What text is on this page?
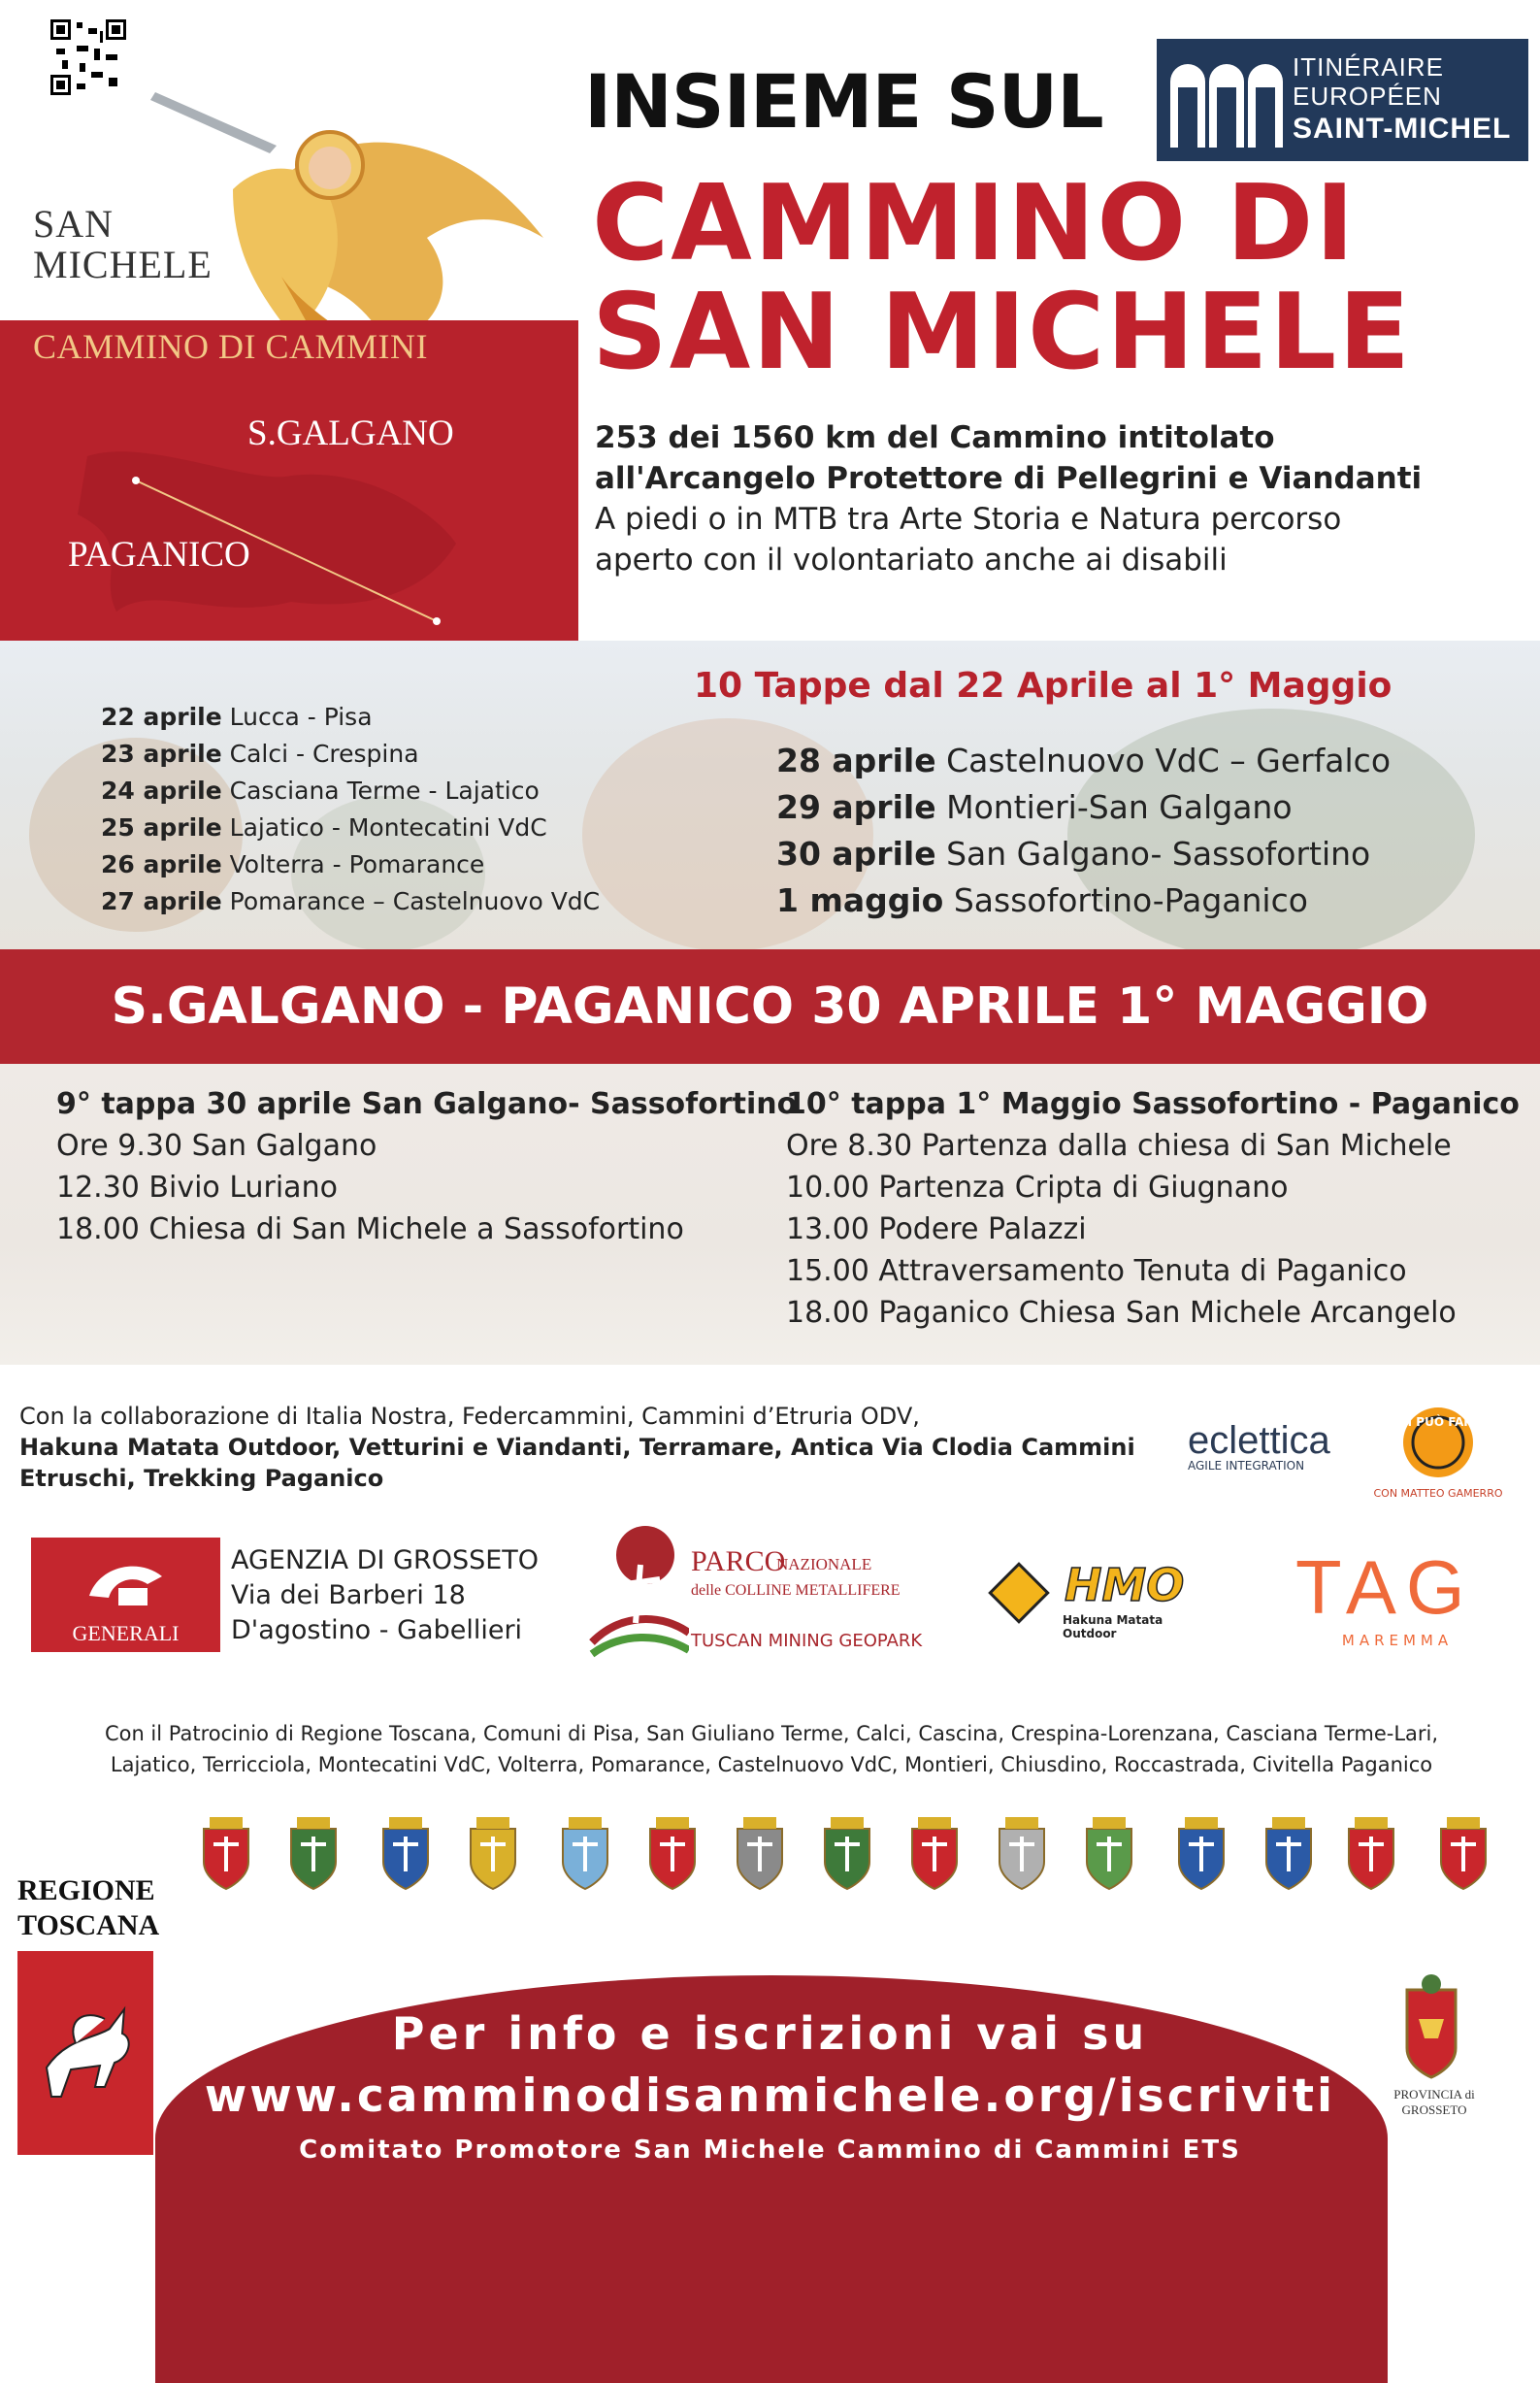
SAN
MICHELE
CAMMINO DI CAMMINI
S.GALGANO
PAGANICO
INSIEME SUL	ITINÉRAIRE
EUROPÉEN
SAINT-MICHEL
CAMMINO DI
SAN MICHELE
253 dei 1560 km del Cammino intitolato
all'Arcangelo Protettore di Pellegrini e Viandanti
A piedi o in MTB tra Arte Storia e Natura percorso
aperto con il volontariato anche ai disabili
10 Tappe dal 22 Aprile al 1° Maggio
22 aprile Lucca - Pisa
23 aprile Calci - Crespina
24 aprile Casciana Terme - Lajatico
25 aprile Lajatico - Montecatini VdC
26 aprile Volterra - Pomarance
27 aprile Pomarance – Castelnuovo VdC
28 aprile Castelnuovo VdC – Gerfalco
29 aprile Montieri-San Galgano
30 aprile San Galgano- Sassofortino
1 maggio Sassofortino-Paganico
S.GALGANO - PAGANICO 30 APRILE 1° MAGGIO
9° tappa 30 aprile San Galgano- Sassofortino
Ore 9.30 San Galgano
12.30 Bivio Luriano
18.00 Chiesa di San Michele a Sassofortino
10° tappa 1° Maggio Sassofortino - Paganico
Ore 8.30 Partenza dalla chiesa di San Michele
10.00 Partenza Cripta di Giugnano
13.00 Podere Palazzi
15.00 Attraversamento Tenuta di Paganico
18.00 Paganico Chiesa San Michele Arcangelo
Con la collaborazione di Italia Nostra, Federcammini, Cammini d’Etruria ODV,
Hakuna Matata Outdoor, Vetturini e Viandanti, Terramare, Antica Via Clodia Cammini
Etruschi, Trekking Paganico
eclettica
AGILE INTEGRATION
SI PUÒ FARE
CON MATTEO GAMERRO
GENERALI
AGENZIA DI GROSSETO
Via dei Barberi 18
D'agostino - Gabellieri
PARCO
NAZIONALE
delle COLLINE METALLIFERE
TUSCAN MINING GEOPARK
HMO
Hakuna Matata Outdoor
TAG
MAREMMA
Con il Patrocinio di Regione Toscana, Comuni di Pisa, San Giuliano Terme, Calci, Cascina, Crespina-Lorenzana, Casciana Terme-Lari,
Lajatico, Terricciola, Montecatini VdC, Volterra, Pomarance, Castelnuovo VdC, Montieri, Chiusdino, Roccastrada, Civitella Paganico
REGIONE
TOSCANA
Per info e iscrizioni vai su
www.camminodisanmichele.org/iscriviti
Comitato Promotore San Michele Cammino di Cammini ETS
PROVINCIA di GROSSETO
